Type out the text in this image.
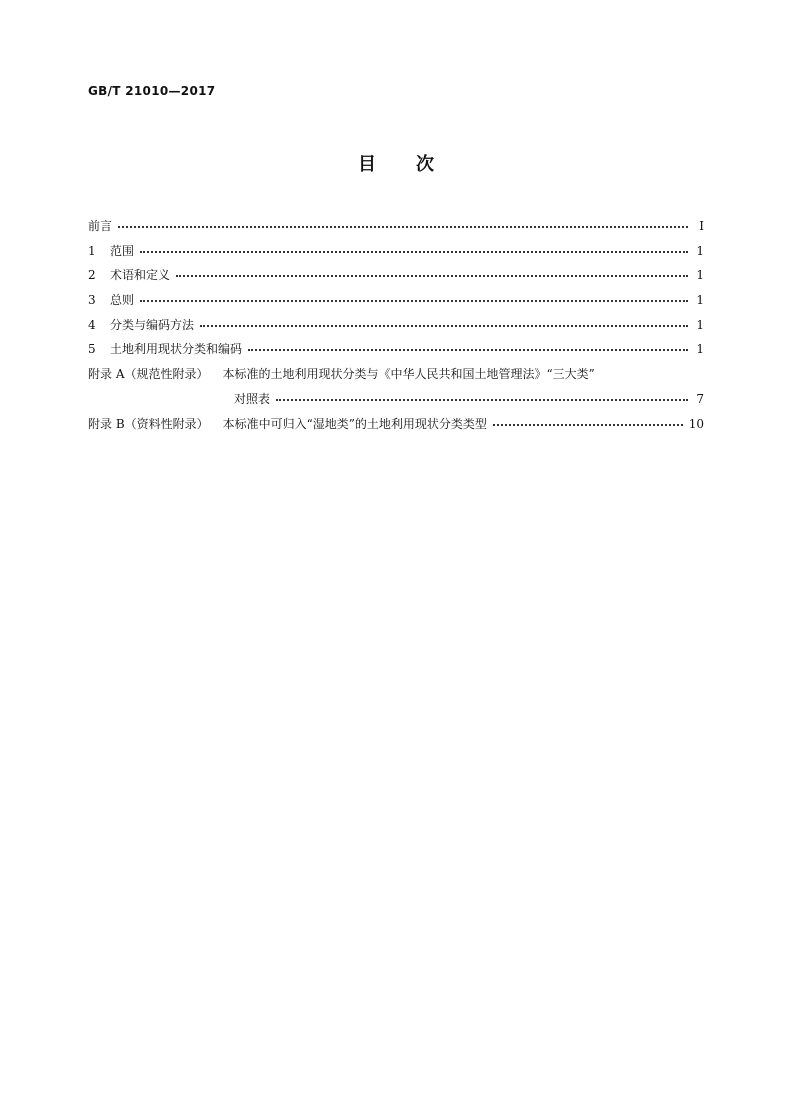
GB/T 21010—2017
目 次
前言	Ⅰ
1	范围	1
2	术语和定义	1
3	总则	1
4	分类与编码方法	1
5	土地利用现状分类和编码	1
附录 A（规范性附录） 本标准的土地利用现状分类与《中华人民共和国土地管理法》“三大类”
对照表	7
附录 B（资料性附录） 本标准中可归入“湿地类”的土地利用现状分类类型	10
